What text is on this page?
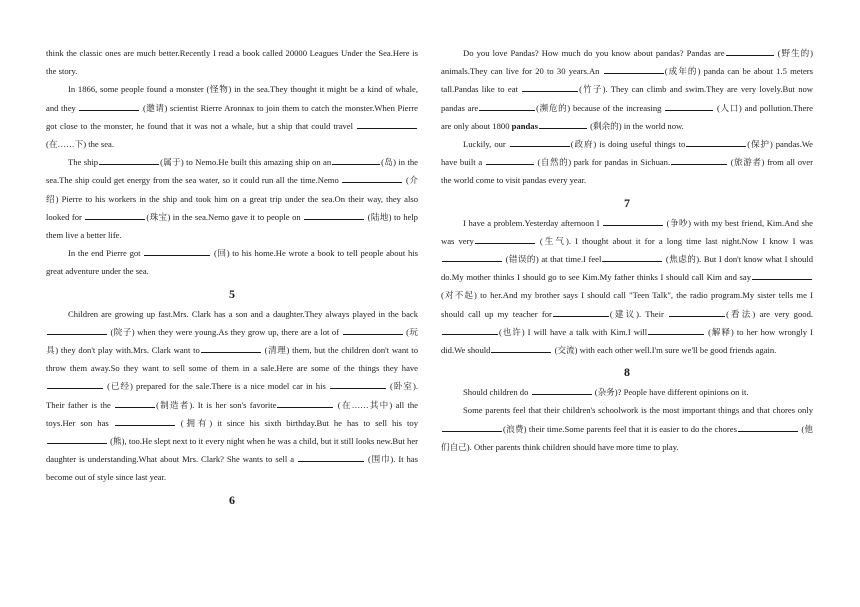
think the classic ones are much better.Recently I read a book called 20000 Leagues Under the Sea.Here is the story.

In 1866, some people found a monster (怪物) in the sea.They thought it might be a kind of whale, and they	(邀请) scientist Rierre Aronnax to join them to catch the monster.When Pierre got close to the monster, he found that it was not a whale, but a ship that could travel  (在……下) the sea.

The ship	(属于) to Nemo.He built this amazing ship on an	(岛) in the sea.The ship could get energy from the sea water, so it could run all the time.Nemo	(介绍) Pierre to his workers in the ship and took him on a great trip under the sea.On their way, they also looked for	(珠宝) in the sea.Nemo gave it to people on	(陆地) to help them live a better life.

In the end Pierre got	(回) to his home.He wrote a book to tell people about his great adventure under the sea.

5

Children are growing up fast.Mrs. Clark has a son and a daughter.They always played in the back (院子) when they were young.As they grow up, there are a lot of	(玩具) they don't play with.Mrs. Clark want to	(清理) them, but the children don't want to throw them away.So they want to sell some of them in a sale.Here are some of the things they have (已经) prepared for the sale.There is a nice model car in his	(卧室). Their father is the	(制造者). It is her son's favorite	(在……其中) all the toys.Her son has	(拥有) it since his sixth birthday.But he has to sell his toy (熊), too.He slept next to it every night when he was a child, but it still looks new.But her daughter is understanding.What about Mrs. Clark? She wants to sell a	(围巾). It has become out of style since last year.

6

Do you love Pandas? How much do you know about pandas? Pandas are	(野生的) animals.They can live for 20 to 30 years.An	(成年的) panda can be about 1.5 meters tall.Pandas like to eat	(竹子). They can climb and swim.They are very lovely.But now pandas are	(濒危的) because of the increasing	(人口) and pollution.There are only about 1800 pandas	(剩余的) in the world now.

Luckily, our	(政府) is doing useful things to	(保护) pandas.We have built a	(自然的) park for pandas in Sichuan.	(旅游者) from all over the world come to visit pandas every year.

7

I have a problem.Yesterday afternoon I	(争吵) with my best friend, Kim.And she was very	(生气). I thought about it for a long time last night.Now I know I was (错误的) at that time.I feel	(焦虑的). But I don't know what I should do.My mother thinks I should go to see Kim.My father thinks I should call Kim and say (对不起) to her.And my brother says I should call "Teen Talk", the radio program.My sister tells me I should call up my teacher for	(建议). Their	(看法) are very good.(也许) I will have a talk with Kim.I will	(解释) to her how wrongly I did.We should	(交流) with each other well.I'm sure we'll be good friends again.

8

Should children do	(杂务)? People have different opinions on it.

Some parents feel that their children's schoolwork is the most important things and that chores only(浪费) their time.Some parents feel that it is easier to do the chores	(他们自己). Other parents think children should have more time to play.
